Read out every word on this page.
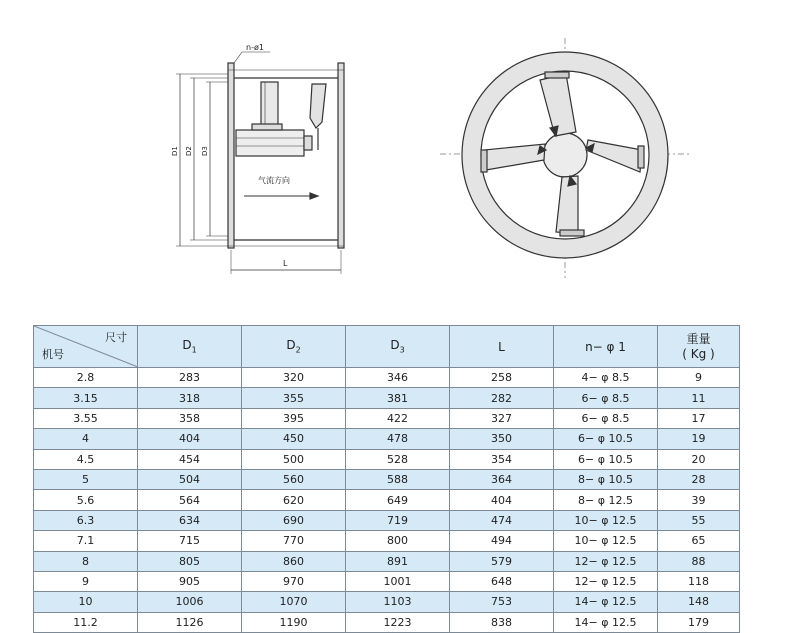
n-ø1
D1 D2 D3
气流方向
L
尺寸
机号	$D_1$	$D_2$	$D_3$	L	n− φ 1	重量
( Kg )

2.8	283	320	346	258	4− φ 8.5	9
3.15	318	355	381	282	6− φ 8.5	11
3.55	358	395	422	327	6− φ 8.5	17
4	404	450	478	350	6− φ 10.5	19
4.5	454	500	528	354	6− φ 10.5	20
5	504	560	588	364	8− φ 10.5	28
5.6	564	620	649	404	8− φ 12.5	39
6.3	634	690	719	474	10− φ 12.5	55
7.1	715	770	800	494	10− φ 12.5	65
8	805	860	891	579	12− φ 12.5	88
9	905	970	1001	648	12− φ 12.5	118
10	1006	1070	1103	753	14− φ 12.5	148
11.2	1126	1190	1223	838	14− φ 12.5	179
